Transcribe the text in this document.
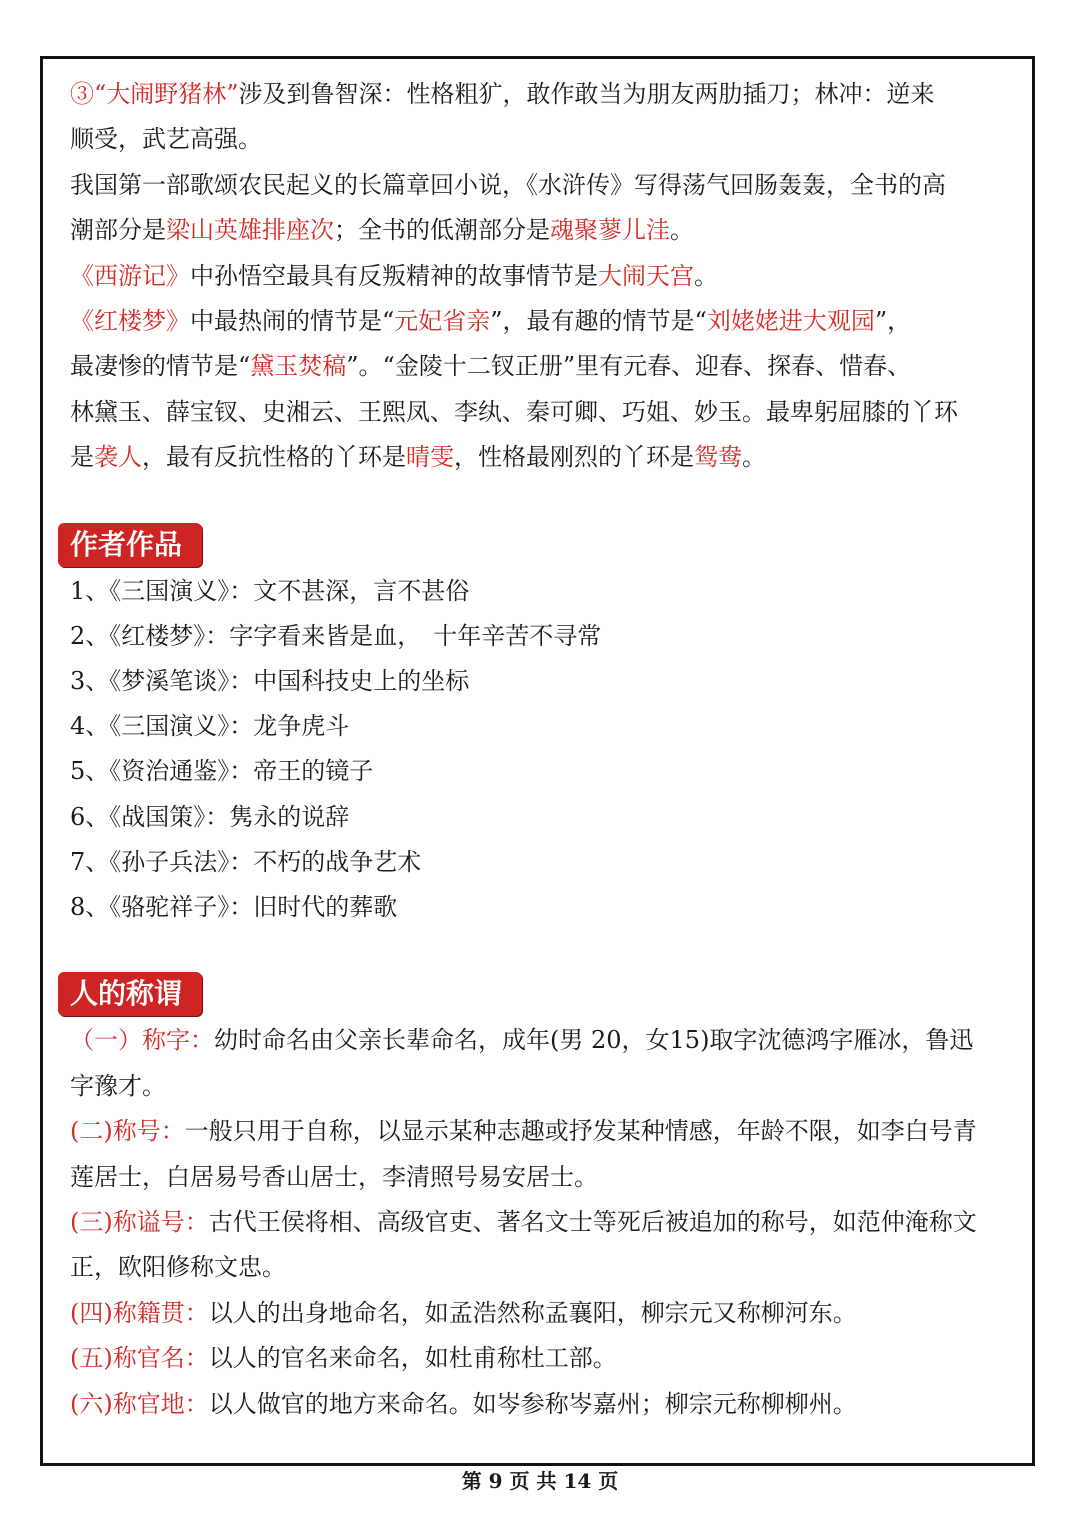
③“大闹野猪林”涉及到鲁智深：性格粗犷，敢作敢当为朋友两肋插刀；林冲：逆来
顺受，武艺高强。
我国第一部歌颂农民起义的长篇章回小说，《水浒传》写得荡气回肠轰轰，全书的高
潮部分是梁山英雄排座次；全书的低潮部分是魂聚蓼儿洼。
《西游记》中孙悟空最具有反叛精神的故事情节是大闹天宫。
《红楼梦》中最热闹的情节是“元妃省亲”，最有趣的情节是“刘姥姥进大观园”，
最凄惨的情节是“黛玉焚稿”。“金陵十二钗正册”里有元春、迎春、探春、惜春、
林黛玉、薛宝钗、史湘云、王熙凤、李纨、秦可卿、巧姐、妙玉。最卑躬屈膝的丫环
是袭人，最有反抗性格的丫环是晴雯，性格最刚烈的丫环是鸳鸯。
作者作品
1、《三国演义》：文不甚深，言不甚俗
2、《红楼梦》：字字看来皆是血，　十年辛苦不寻常
3、《梦溪笔谈》：中国科技史上的坐标
4、《三国演义》：龙争虎斗
5、《资治通鉴》：帝王的镜子
6、《战国策》：隽永的说辞
7、《孙子兵法》：不朽的战争艺术
8、《骆驼祥子》：旧时代的葬歌
人的称谓
（一）称字：幼时命名由父亲长辈命名，成年(男 20，女15)取字沈德鸿字雁冰，鲁迅
字豫才。
(二)称号：一般只用于自称，以显示某种志趣或抒发某种情感，年龄不限，如李白号青
莲居士，白居易号香山居士，李清照号易安居士。
(三)称谥号：古代王侯将相、高级官吏、著名文士等死后被追加的称号，如范仲淹称文
正，欧阳修称文忠。
(四)称籍贯：以人的出身地命名，如孟浩然称孟襄阳，柳宗元又称柳河东。
(五)称官名：以人的官名来命名，如杜甫称杜工部。
(六)称官地：以人做官的地方来命名。如岑参称岑嘉州；柳宗元称柳柳州。
第 9 页 共 14 页
